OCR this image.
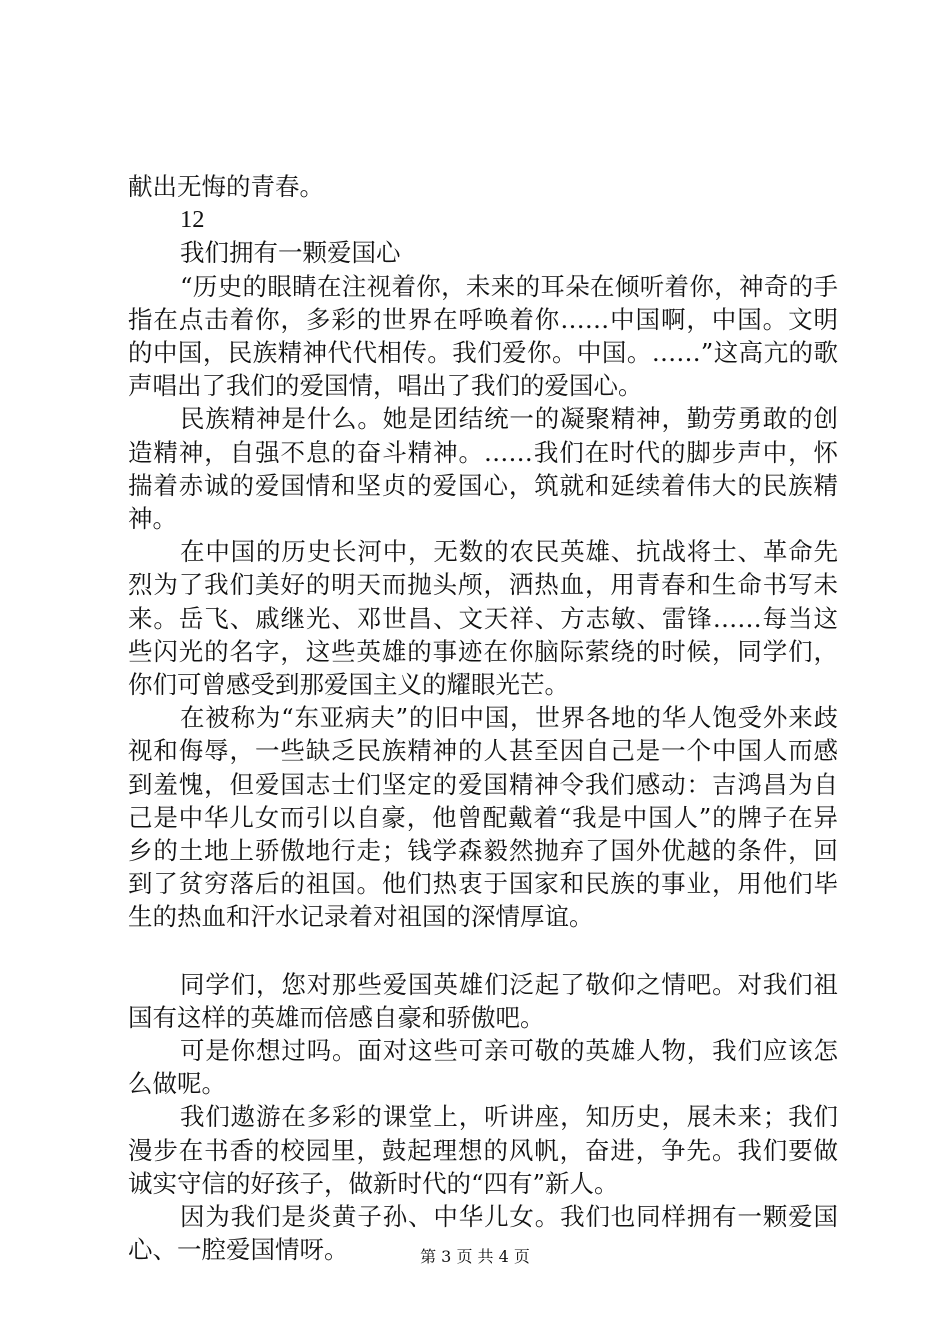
献出无悔的青春。

12

我们拥有一颗爱国心

“历史的眼睛在注视着你，未来的耳朵在倾听着你，神奇的手指在点击着你，多彩的世界在呼唤着你……中国啊，中国。文明的中国，民族精神代代相传。我们爱你。中国。……”这高亢的歌声唱出了我们的爱国情，唱出了我们的爱国心。

民族精神是什么。她是团结统一的凝聚精神，勤劳勇敢的创造精神，自强不息的奋斗精神。……我们在时代的脚步声中，怀揣着赤诚的爱国情和坚贞的爱国心，筑就和延续着伟大的民族精神。

在中国的历史长河中，无数的农民英雄、抗战将士、革命先烈为了我们美好的明天而抛头颅，洒热血，用青春和生命书写未来。岳飞、戚继光、邓世昌、文天祥、方志敏、雷锋……每当这些闪光的名字，这些英雄的事迹在你脑际萦绕的时候，同学们，你们可曾感受到那爱国主义的耀眼光芒。

在被称为“东亚病夫”的旧中国，世界各地的华人饱受外来歧视和侮辱，一些缺乏民族精神的人甚至因自己是一个中国人而感到羞愧，但爱国志士们坚定的爱国精神令我们感动：吉鸿昌为自己是中华儿女而引以自豪，他曾配戴着“我是中国人”的牌子在异乡的土地上骄傲地行走；钱学森毅然抛弃了国外优越的条件，回到了贫穷落后的祖国。他们热衷于国家和民族的事业，用他们毕生的热血和汗水记录着对祖国的深情厚谊。

同学们，您对那些爱国英雄们泛起了敬仰之情吧。对我们祖国有这样的英雄而倍感自豪和骄傲吧。

可是你想过吗。面对这些可亲可敬的英雄人物，我们应该怎么做呢。

我们遨游在多彩的课堂上，听讲座，知历史，展未来；我们漫步在书香的校园里，鼓起理想的风帆，奋进，争先。我们要做诚实守信的好孩子，做新时代的“四有”新人。

因为我们是炎黄子孙、中华儿女。我们也同样拥有一颗爱国心、一腔爱国情呀。	第 3 页 共 4 页
